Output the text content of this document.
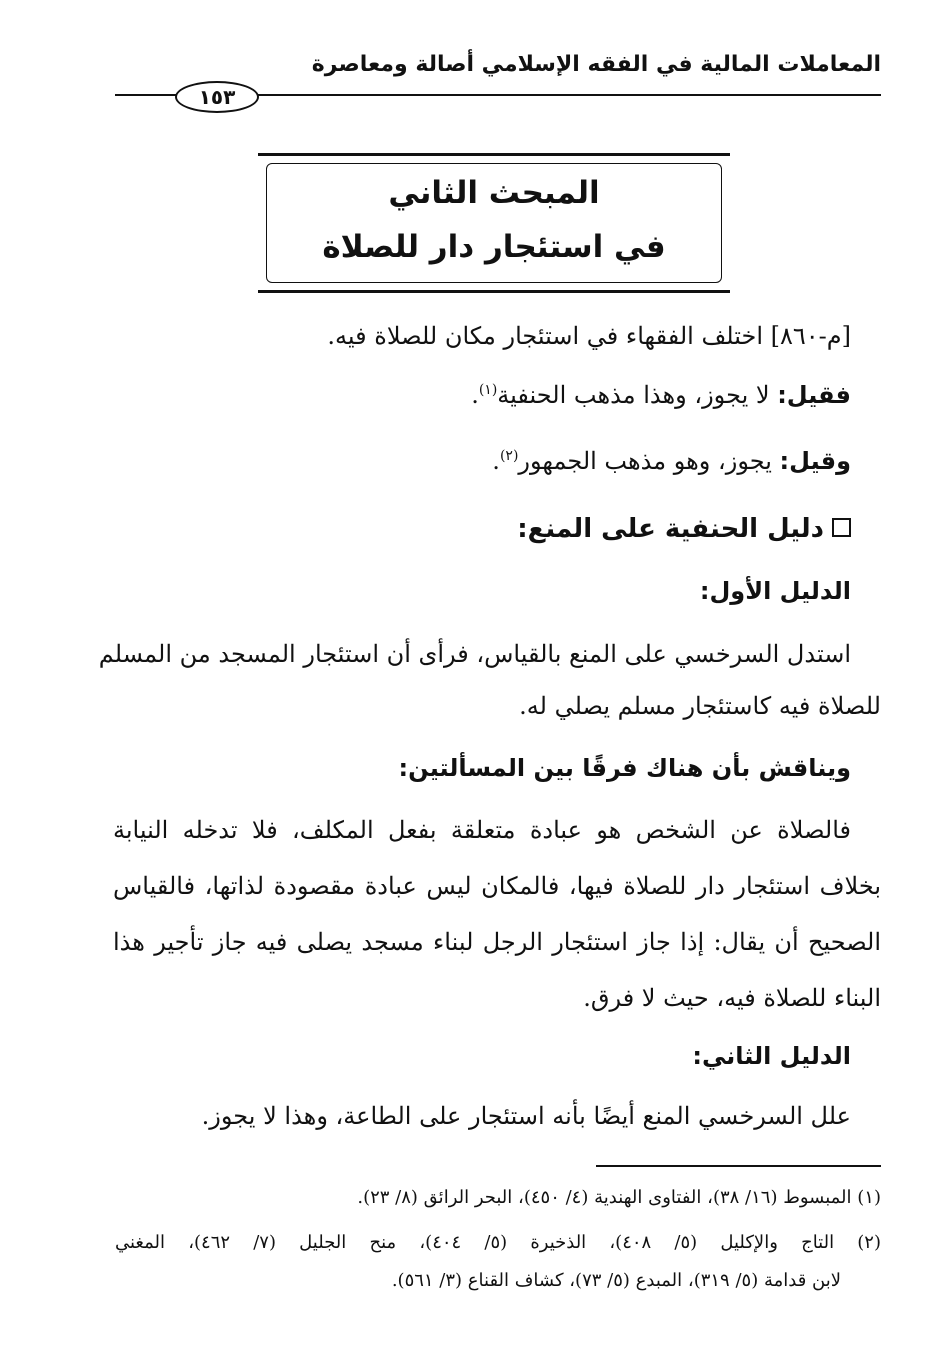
المعاملات المالية في الفقه الإسلامي أصالة ومعاصرة
١٥٣
المبحث الثاني
في استئجار دار للصلاة
[م-٨٦٠] اختلف الفقهاء في استئجار مكان للصلاة فيه.
فقيل: لا يجوز، وهذا مذهب الحنفية$^{(١)}$.
وقيل: يجوز، وهو مذهب الجمهور$^{(٢)}$.
دليل الحنفية على المنع:
الدليل الأول:
استدل السرخسي على المنع بالقياس، فرأى أن استئجار المسجد من المسلم
للصلاة فيه كاستئجار مسلم يصلي له.
ويناقش بأن هناك فرقًا بين المسألتين:
فالصلاة عن الشخص هو عبادة متعلقة بفعل المكلف، فلا تدخله النيابة
بخلاف استئجار دار للصلاة فيها، فالمكان ليس عبادة مقصودة لذاتها، فالقياس
الصحيح أن يقال: إذا جاز استئجار الرجل لبناء مسجد يصلى فيه جاز تأجير هذا
البناء للصلاة فيه، حيث لا فرق.
الدليل الثاني:
علل السرخسي المنع أيضًا بأنه استئجار على الطاعة، وهذا لا يجوز.
(١) المبسوط (١٦/ ٣٨)، الفتاوى الهندية (٤/ ٤٥٠)، البحر الرائق (٨/ ٢٣).
(٢) التاج والإكليل (٥/ ٤٠٨)، الذخيرة (٥/ ٤٠٤)، منح الجليل (٧/ ٤٦٢)، المغني
لابن قدامة (٥/ ٣١٩)، المبدع (٥/ ٧٣)، كشاف القناع (٣/ ٥٦١).
